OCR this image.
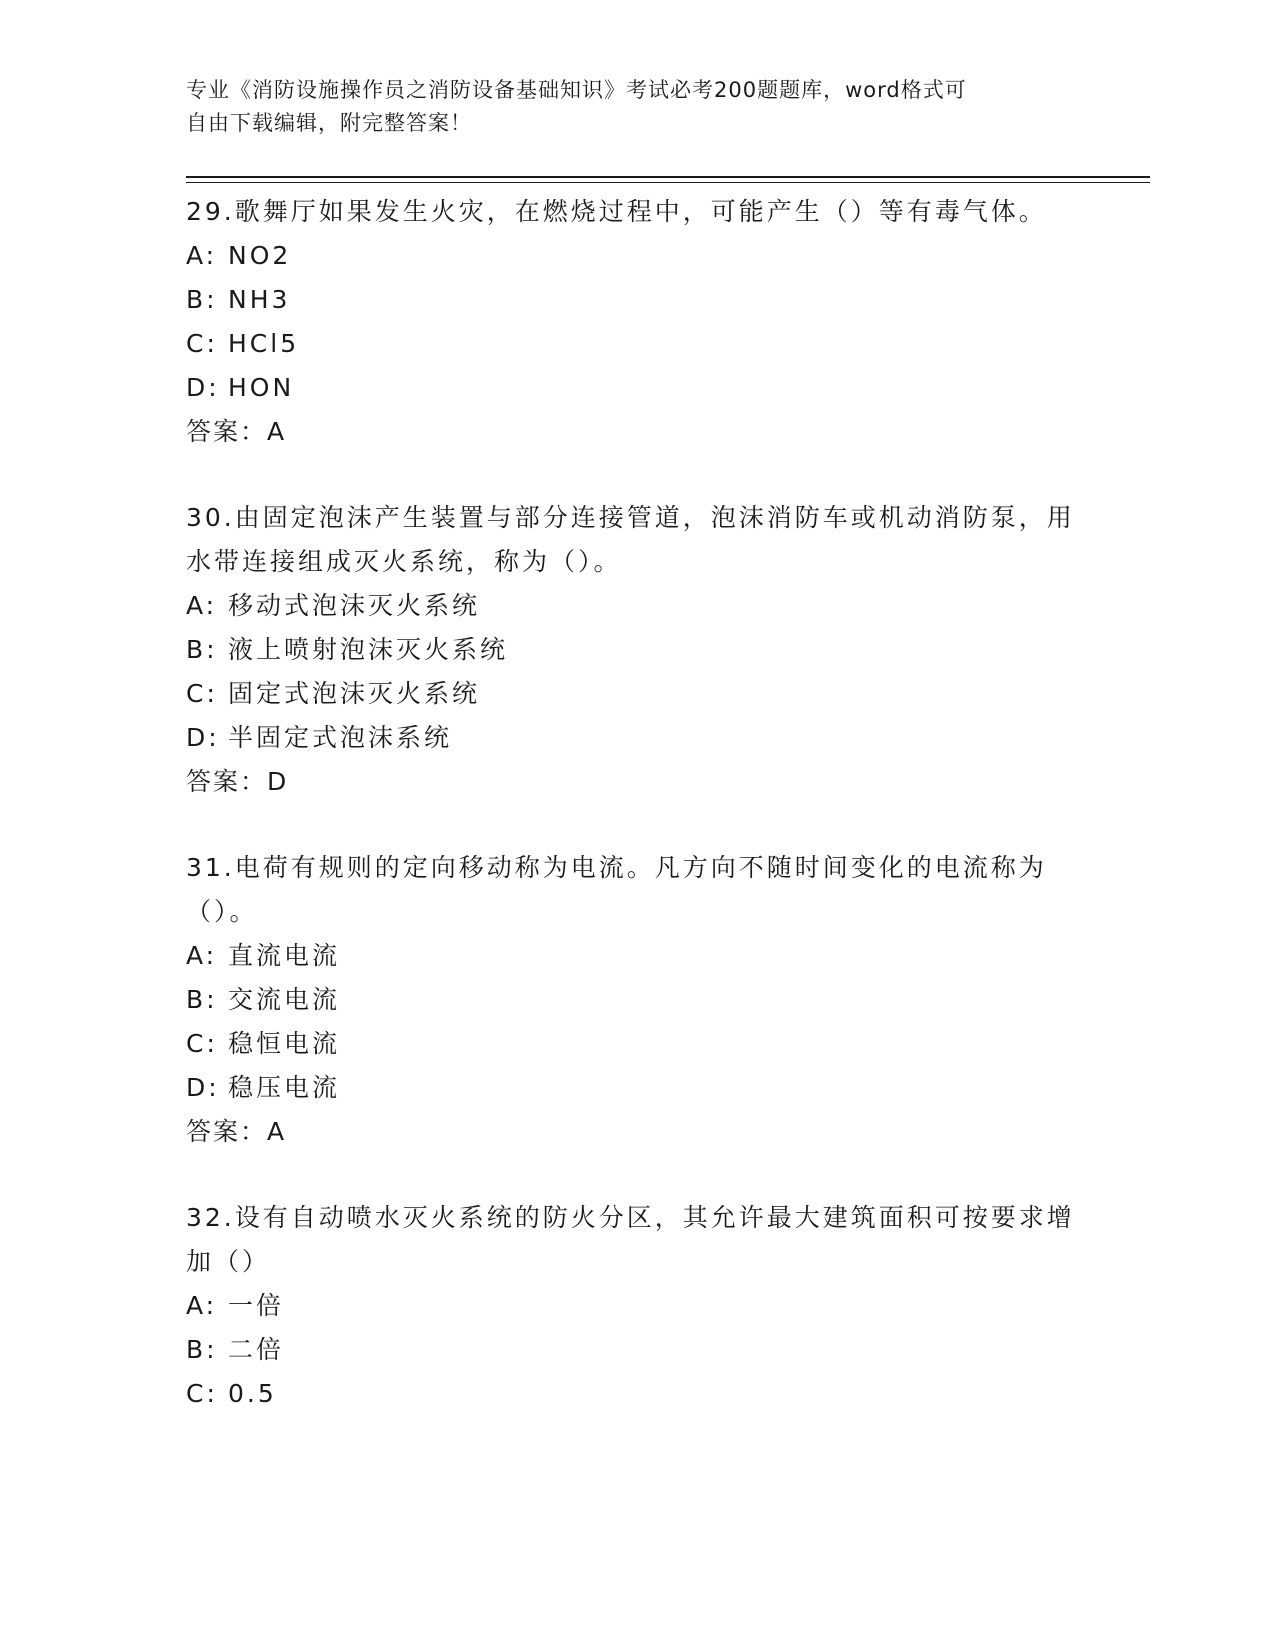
专业《消防设施操作员之消防设备基础知识》考试必考200题题库，word格式可
自由下载编辑，附完整答案！

29.歌舞厅如果发生火灾，在燃烧过程中，可能产生（）等有毒气体。

A: NO2

B: NH3

C: HCl5

D: HON

答案：A

30.由固定泡沫产生装置与部分连接管道，泡沫消防车或机动消防泵，用水带连接组成灭火系统，称为（）。

A: 移动式泡沫灭火系统

B: 液上喷射泡沫灭火系统

C: 固定式泡沫灭火系统

D: 半固定式泡沫系统

答案：D

31.电荷有规则的定向移动称为电流。凡方向不随时间变化的电流称为（）。

A: 直流电流

B: 交流电流

C: 稳恒电流

D: 稳压电流

答案：A

32.设有自动喷水灭火系统的防火分区，其允许最大建筑面积可按要求增加（）

A: 一倍

B: 二倍

C: 0.5
